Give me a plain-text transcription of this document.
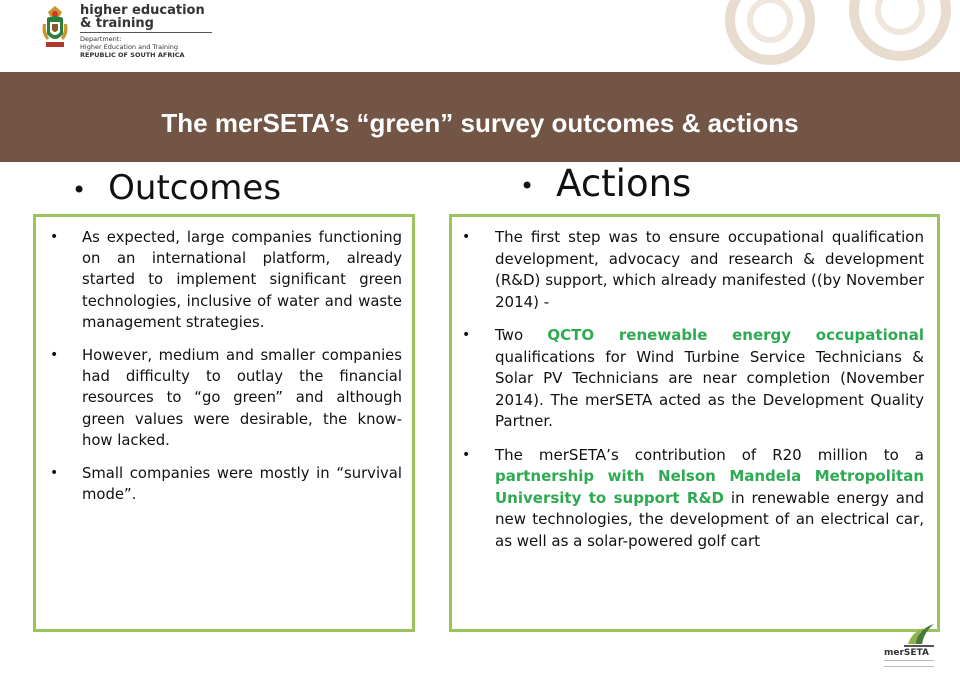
higher education
& training
Department:
Higher Education and Training
REPUBLIC OF SOUTH AFRICA
The merSETA’s “green” survey outcomes & actions
• Outcomes	• Actions
• As expected, large companies functioning on an international platform, already started to implement significant green technologies, inclusive of water and waste management strategies.
• However, medium and smaller companies had difficulty to outlay the financial resources to “go green” and although green values were desirable, the know-how lacked.
• Small companies were mostly in “survival mode”.
• The first step was to ensure occupational qualification development, advocacy and research & development (R&D) support, which already manifested ((by November 2014) -
• Two QCTO renewable energy occupational qualifications for Wind Turbine Service Technicians & Solar PV Technicians are near completion (November 2014). The merSETA acted as the Development Quality Partner.
• The merSETA’s contribution of R20 million to a partnership with Nelson Mandela Metropolitan University to support R&D in renewable energy and new technologies, the development of an electrical car, as well as a solar-powered golf cart
merSETA
